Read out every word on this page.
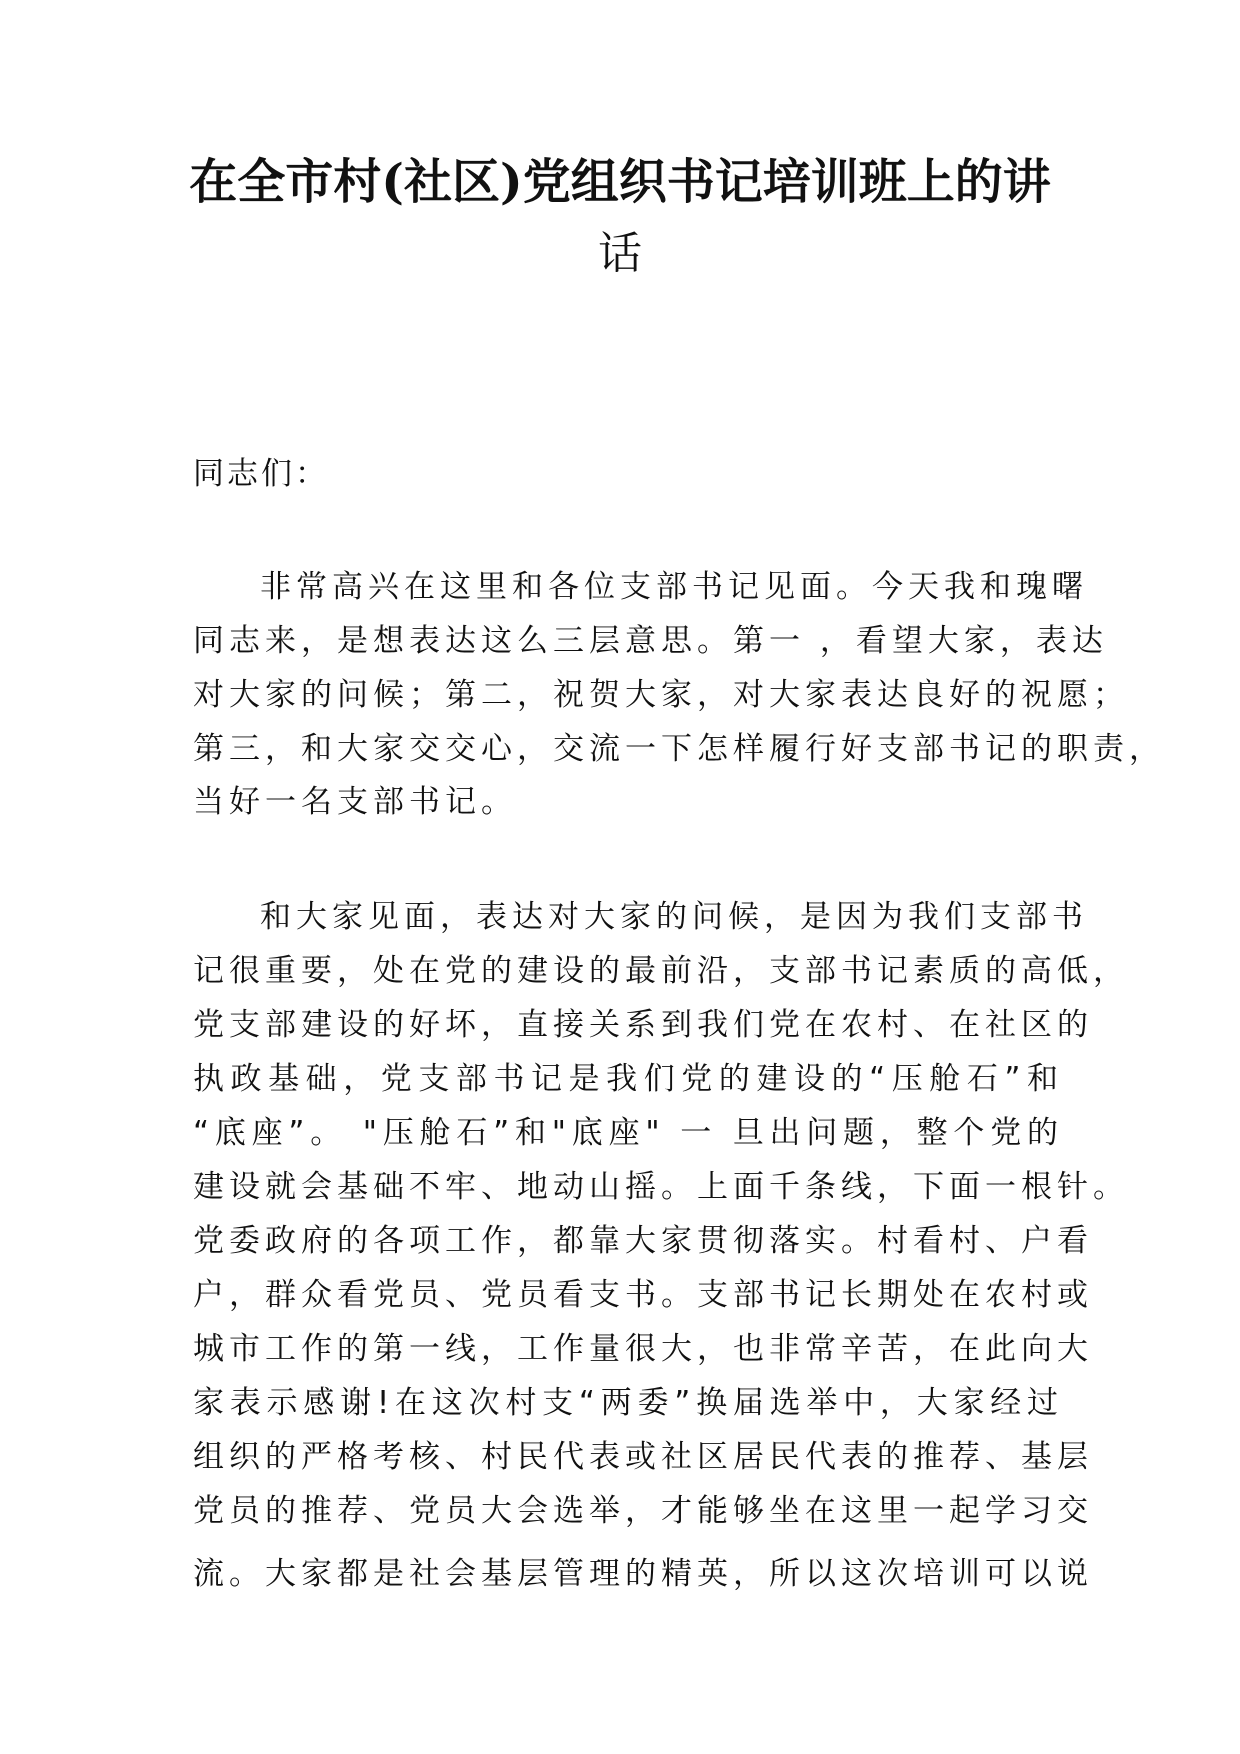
在全市村(社区)党组织书记培训班上的讲
话
同志们：
非常高兴在这里和各位支部书记见面。今天我和瑰曙
同志来，是想表达这么三层意思。第一 ，看望大家，表达
对大家的问候；第二，祝贺大家，对大家表达良好的祝愿；
第三，和大家交交心，交流一下怎样履行好支部书记的职责，
当好一名支部书记。
和大家见面，表达对大家的问候，是因为我们支部书
记很重要，处在党的建设的最前沿，支部书记素质的高低，
党支部建设的好坏，直接关系到我们党在农村、在社区的
执政基础，党支部书记是我们党的建设的“压舱石”和
“底座”。 "压舱石”和"底座" 一 旦出问题，整个党的
建设就会基础不牢、地动山摇。上面千条线，下面一根针。
党委政府的各项工作，都靠大家贯彻落实。村看村、户看
户，群众看党员、党员看支书。支部书记长期处在农村或
城市工作的第一线，工作量很大，也非常辛苦，在此向大
家表示感谢!在这次村支“两委”换届选举中，大家经过
组织的严格考核、村民代表或社区居民代表的推荐、基层
党员的推荐、党员大会选举，才能够坐在这里一起学习交
流。大家都是社会基层管理的精英，所以这次培训可以说
